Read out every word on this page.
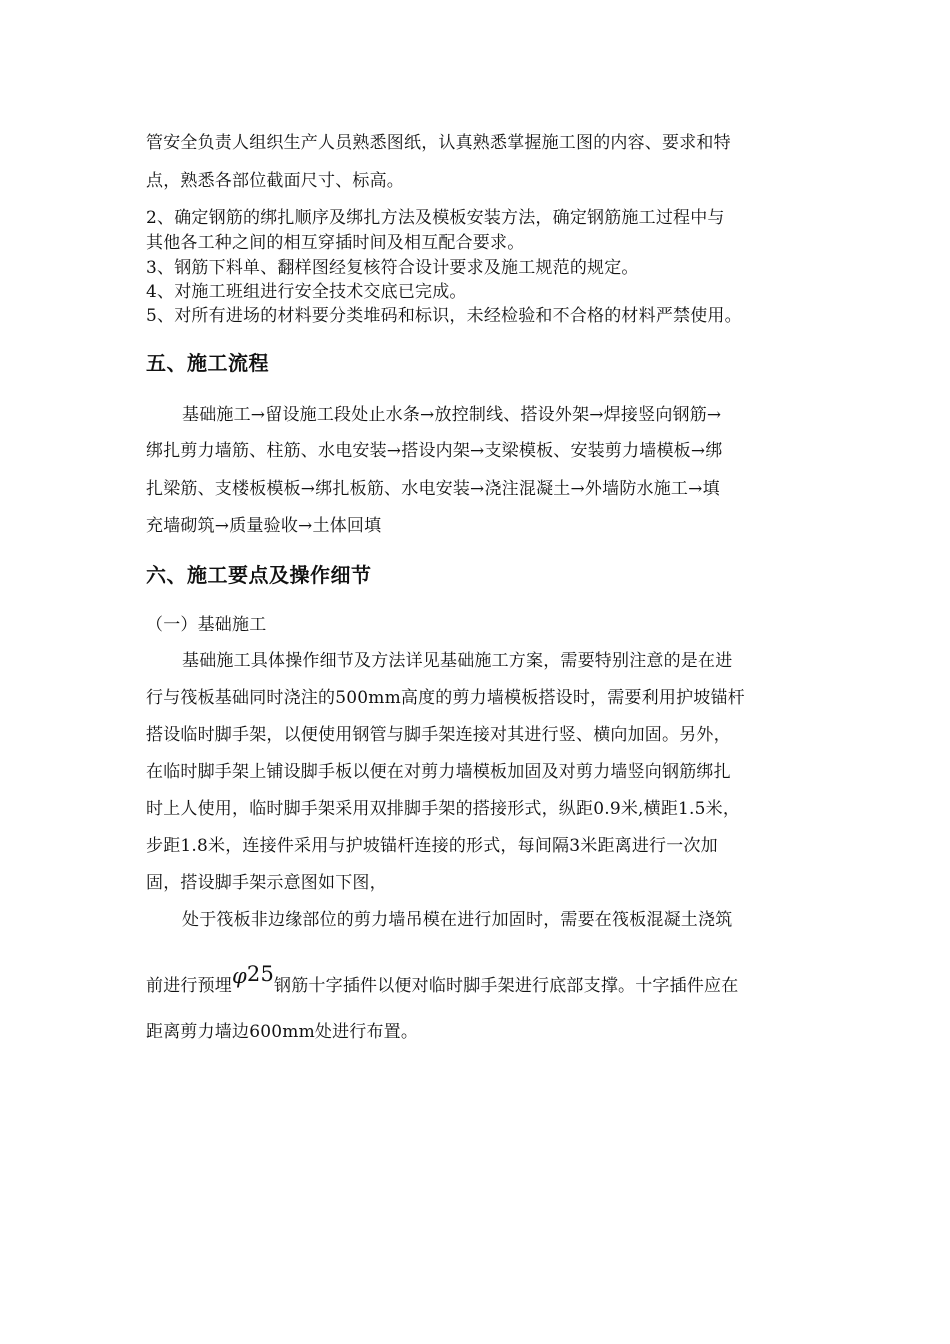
管安全负责人组织生产人员熟悉图纸，认真熟悉掌握施工图的内容、要求和特
点，熟悉各部位截面尺寸、标高。
2、确定钢筋的绑扎顺序及绑扎方法及模板安装方法，确定钢筋施工过程中与
其他各工种之间的相互穿插时间及相互配合要求。
3、钢筋下料单、翻样图经复核符合设计要求及施工规范的规定。
4、对施工班组进行安全技术交底已完成。
5、对所有进场的材料要分类堆码和标识，未经检验和不合格的材料严禁使用。
五、施工流程
基础施工→留设施工段处止水条→放控制线、搭设外架→焊接竖向钢筋→
绑扎剪力墙筋、柱筋、水电安装→搭设内架→支梁模板、安装剪力墙模板→绑
扎梁筋、支楼板模板→绑扎板筋、水电安装→浇注混凝土→外墙防水施工→填
充墙砌筑→质量验收→土体回填
六、施工要点及操作细节
（一）基础施工
基础施工具体操作细节及方法详见基础施工方案，需要特别注意的是在进
行与筏板基础同时浇注的500mm高度的剪力墙模板搭设时，需要利用护坡锚杆
搭设临时脚手架，以便使用钢管与脚手架连接对其进行竖、横向加固。另外，
在临时脚手架上铺设脚手板以便在对剪力墙模板加固及对剪力墙竖向钢筋绑扎
时上人使用，临时脚手架采用双排脚手架的搭接形式，纵距0.9米,横距1.5米，
步距1.8米，连接件采用与护坡锚杆连接的形式，每间隔3米距离进行一次加
固，搭设脚手架示意图如下图，
处于筏板非边缘部位的剪力墙吊模在进行加固时，需要在筏板混凝土浇筑
前进行预埋φ25钢筋十字插件以便对临时脚手架进行底部支撑。十字插件应在
距离剪力墙边600mm处进行布置。
